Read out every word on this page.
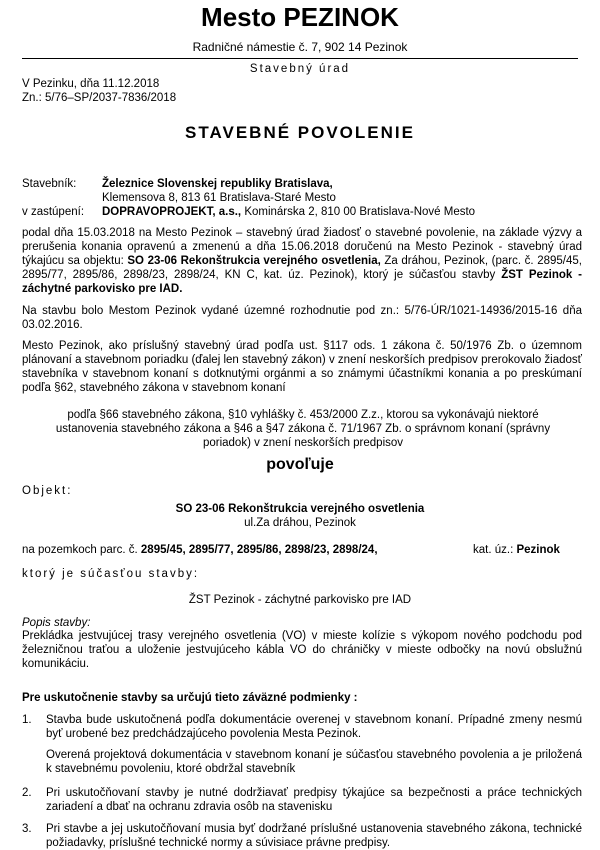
Mesto PEZINOK
Radničné námestie č. 7, 902 14 Pezinok
Stavebný úrad
V Pezinku, dňa 11.12.2018
Zn.: 5/76–SP/2037-7836/2018
STAVEBNÉ POVOLENIE
Stavebník: Železnice Slovenskej republiky Bratislava,
Klemensova 8, 813 61 Bratislava-Staré Mesto
v zastúpení: DOPRAVOPROJEKT, a.s., Kominárska 2, 810 00 Bratislava-Nové Mesto
podal dňa 15.03.2018 na Mesto Pezinok – stavebný úrad žiadosť o stavebné povolenie, na základe výzvy a prerušenia konania opravenú a zmenenú a dňa 15.06.2018 doručenú na Mesto Pezinok - stavebný úrad týkajúcu sa objektu: SO 23-06 Rekonštrukcia verejného osvetlenia, Za dráhou, Pezinok, (parc. č. 2895/45, 2895/77, 2895/86, 2898/23, 2898/24, KN C, kat. úz. Pezinok), ktorý je súčasťou stavby ŽST Pezinok - záchytné parkovisko pre IAD.
Na stavbu bolo Mestom Pezinok vydané územné rozhodnutie pod zn.: 5/76-ÚR/1021-14936/2015-16 dňa 03.02.2016.
Mesto Pezinok, ako príslušný stavebný úrad podľa ust. §117 ods. 1 zákona č. 50/1976 Zb. o územnom plánovaní a stavebnom poriadku (ďalej len stavebný zákon) v znení neskorších predpisov prerokovalo žiadosť stavebníka v stavebnom konaní s dotknutými orgánmi a so známymi účastníkmi konania a po preskúmaní podľa §62, stavebného zákona v stavebnom konaní
podľa §66 stavebného zákona, §10 vyhlášky č. 453/2000 Z.z., ktorou sa vykonávajú niektoré ustanovenia stavebného zákona a §46 a §47 zákona č. 71/1967 Zb. o správnom konaní (správny poriadok) v znení neskorších predpisov
povoľuje
Objekt:
SO 23-06 Rekonštrukcia verejného osvetlenia
ul.Za dráhou, Pezinok
na pozemkoch parc. č. 2895/45, 2895/77, 2895/86, 2898/23, 2898/24,	kat. úz.: Pezinok
ktorý je súčasťou stavby:
ŽST Pezinok - záchytné parkovisko pre IAD
Popis stavby:
Prekládka jestvujúcej trasy verejného osvetlenia (VO) v mieste kolízie s výkopom nového podchodu pod železničnou traťou a uloženie jestvujúceho kábla VO do chráničky v mieste odbočky na novú obslužnú komunikáciu.
Pre uskutočnenie stavby sa určujú tieto záväzné podmienky :
1.	Stavba bude uskutočnená podľa dokumentácie overenej v stavebnom konaní. Prípadné zmeny nesmú byť urobené bez predchádzajúceho povolenia Mesta Pezinok.
Overená projektová dokumentácia v stavebnom konaní je súčasťou stavebného povolenia a je priložená k stavebnému povoleniu, ktoré obdržal stavebník
2.	Pri uskutočňovaní stavby je nutné dodržiavať predpisy týkajúce sa bezpečnosti a práce technických zariadení a dbať na ochranu zdravia osôb na stavenisku
3.	Pri stavbe a jej uskutočňovaní musia byť dodržané príslušné ustanovenia stavebného zákona, technické požiadavky, príslušné technické normy a súvisiace právne predpisy.
